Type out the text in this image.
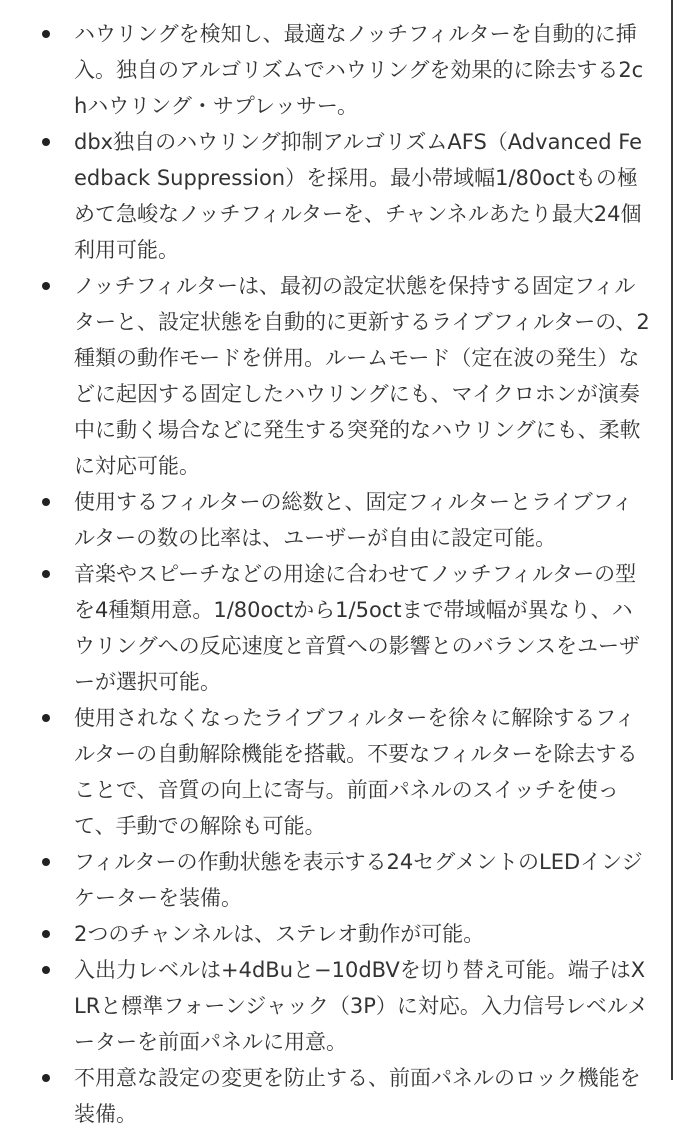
ハウリングを検知し、最適なノッチフィルターを自動的に挿入。独自のアルゴリズムでハウリングを効果的に除去する2chハウリング・サプレッサー。
dbx独自のハウリング抑制アルゴリズムAFS（Advanced Feedback Suppression）を採用。最小帯域幅1/80octもの極めて急峻なノッチフィルターを、チャンネルあたり最大24個利用可能。
ノッチフィルターは、最初の設定状態を保持する固定フィルターと、設定状態を自動的に更新するライブフィルターの、2種類の動作モードを併用。ルームモード（定在波の発生）などに起因する固定したハウリングにも、マイクロホンが演奏中に動く場合などに発生する突発的なハウリングにも、柔軟に対応可能。
使用するフィルターの総数と、固定フィルターとライブフィルターの数の比率は、ユーザーが自由に設定可能。
音楽やスピーチなどの用途に合わせてノッチフィルターの型を4種類用意。1/80octから1/5octまで帯域幅が異なり、ハウリングへの反応速度と音質への影響とのバランスをユーザーが選択可能。
使用されなくなったライブフィルターを徐々に解除するフィルターの自動解除機能を搭載。不要なフィルターを除去することで、音質の向上に寄与。前面パネルのスイッチを使って、手動での解除も可能。
フィルターの作動状態を表示する24セグメントのLEDインジケーターを装備。
2つのチャンネルは、ステレオ動作が可能。
入出力レベルは+4dBuと−10dBVを切り替え可能。端子はXLRと標準フォーンジャック（3P）に対応。入力信号レベルメーターを前面パネルに用意。
不用意な設定の変更を防止する、前面パネルのロック機能を装備。
